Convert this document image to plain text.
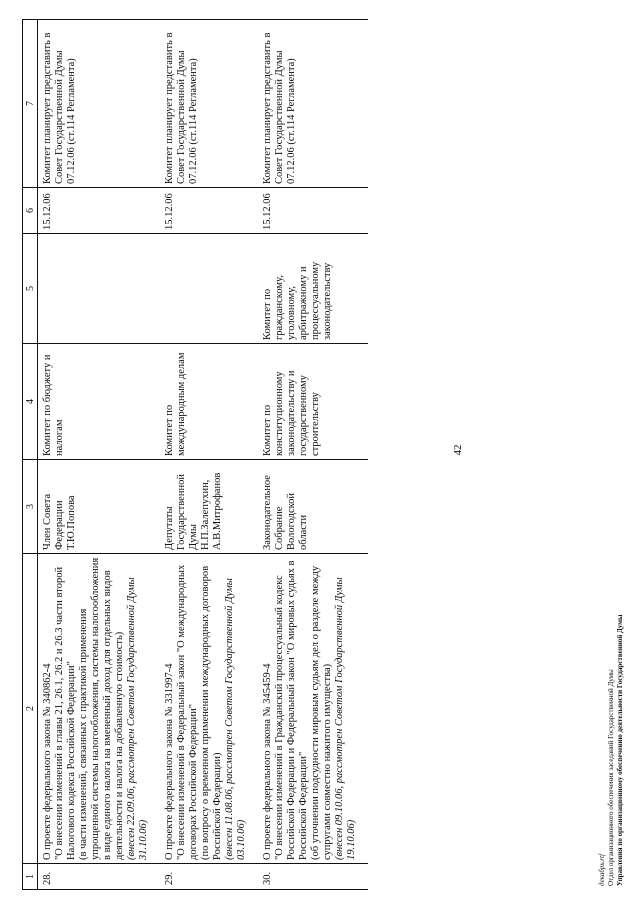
1	2	3	4	5	6	7
28.	О проекте федерального закона № 340862-4 "О внесении изменений в главы 21, 26.1, 26.2 и 26.3 части второй Налогового кодекса Российской Федерации" (в части изменений, связанных с практикой применения упрощенной системы налогообложения, системы налогообложения в виде единого налога на вмененный доход для отдельных видов деятельности и налога на добавленную стоимость) (внесен 22.09.06, рассмотрен Советом Государственной Думы 31.10.06)	Член Совета Федерации Т.Ю.Попова	Комитет по бюджету и налогам		15.12.06	Комитет планирует представить в Совет Государственной Думы 07.12.06 (ст.114 Регламента)
29.	О проекте федерального закона № 331997-4 "О внесении изменений в Федеральный закон "О международных договорах Российской Федерации" (по вопросу о временном применении международных договоров Российской Федерации) (внесен 11.08.06, рассмотрен Советом Государственной Думы 03.10.06)	Депутаты Государственной Думы Н.П.Залепухин, А.В.Митрофанов	Комитет по международным делам		15.12.06	Комитет планирует представить в Совет Государственной Думы 07.12.06 (ст.114 Регламента)
30.	О проекте федерального закона № 345459-4 "О внесении изменений в Гражданский процессуальный кодекс Российской Федерации и Федеральный закон "О мировых судьях в Российской Федерации" (об уточнении подсудности мировым судьям дел о разделе между супругами совместно нажитого имущества) (внесен 09.10.06, рассмотрен Советом Государственной Думы 19.10.06)	Законодательное Собрание Вологодской области	Комитет по конституционному законодательству и государственному строительству	Комитет по гражданскому, уголовному, арбитражному и процессуальному законодательству	15.12.06	Комитет планирует представить в Совет Государственной Думы 07.12.06 (ст.114 Регламента)
42
декабрь.rtf Отдел организационного обеспечения заседаний Государственной Думы Управления по организационному обеспечению деятельности Государственной Думы
